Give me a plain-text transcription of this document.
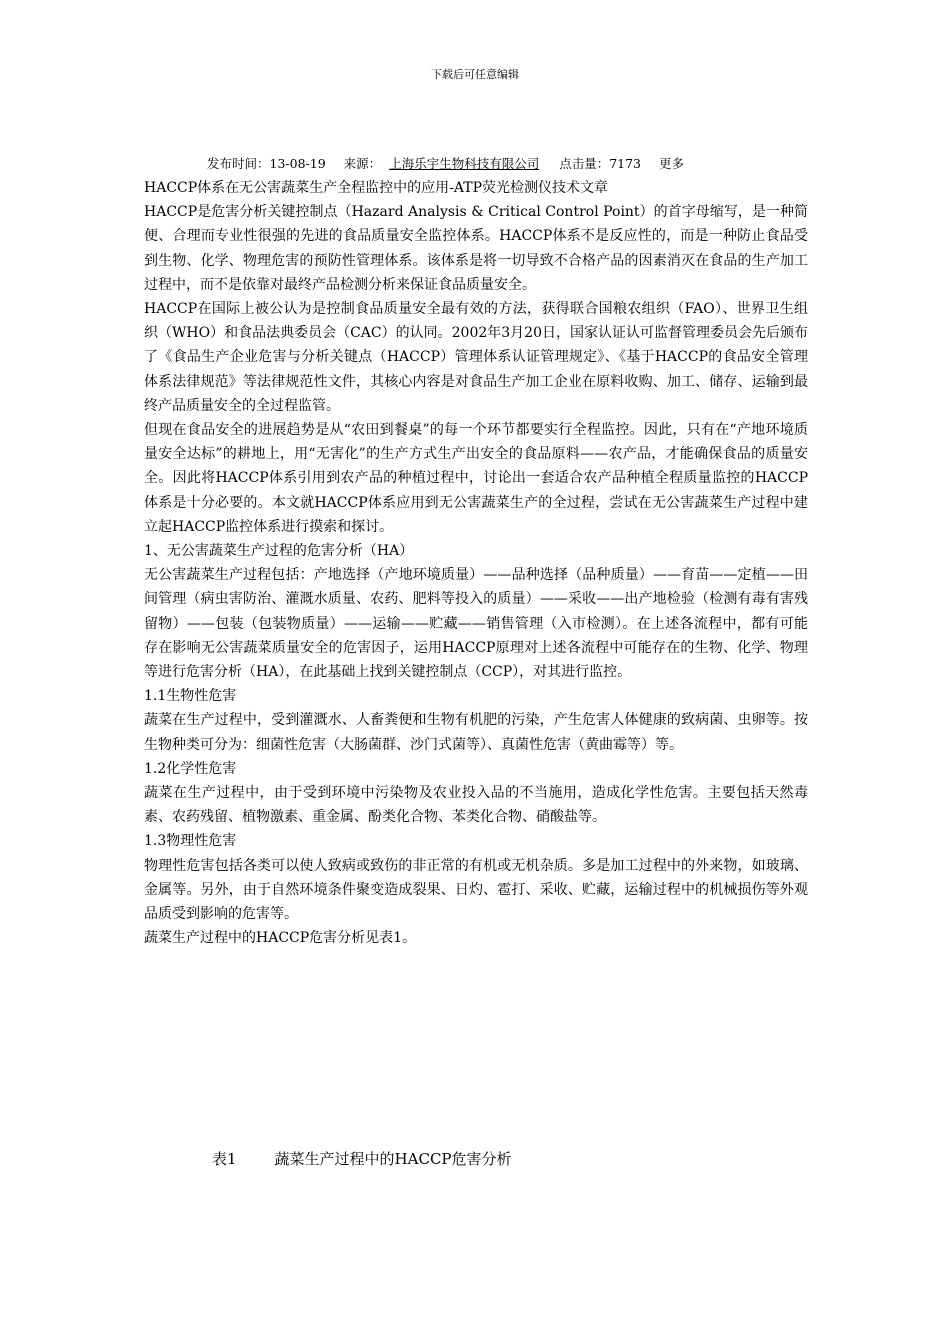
下载后可任意编辑
发布时间：13-08-19 来源： 上海乐宇生物科技有限公司 点击量：7173 更多

HACCP体系在无公害蔬菜生产全程监控中的应用-ATP荧光检测仪技术文章

HACCP是危害分析关键控制点（Hazard Analysis & Critical Control Point）的首字母缩写，是一种简便、合理而专业性很强的先进的食品质量安全监控体系。HACCP体系不是反应性的，而是一种防止食品受到生物、化学、物理危害的预防性管理体系。该体系是将一切导致不合格产品的因素消灭在食品的生产加工过程中，而不是依靠对最终产品检测分析来保证食品质量安全。

HACCP在国际上被公认为是控制食品质量安全最有效的方法，获得联合国粮农组织（FAO）、世界卫生组织（WHO）和食品法典委员会（CAC）的认同。2002年3月20日，国家认证认可监督管理委员会先后颁布了《食品生产企业危害与分析关键点（HACCP）管理体系认证管理规定》、《基于HACCP的食品安全管理体系法律规范》等法律规范性文件，其核心内容是对食品生产加工企业在原料收购、加工、储存、运输到最终产品质量安全的全过程监管。

但现在食品安全的进展趋势是从“农田到餐桌”的每一个环节都要实行全程监控。因此，只有在“产地环境质量安全达标”的耕地上，用“无害化”的生产方式生产出安全的食品原料——农产品，才能确保食品的质量安全。因此将HACCP体系引用到农产品的种植过程中，讨论出一套适合农产品种植全程质量监控的HACCP体系是十分必要的。本文就HACCP体系应用到无公害蔬菜生产的全过程，尝试在无公害蔬菜生产过程中建立起HACCP监控体系进行摸索和探讨。

1、无公害蔬菜生产过程的危害分析（HA）

无公害蔬菜生产过程包括：产地选择（产地环境质量）——品种选择（品种质量）——育苗——定植——田间管理（病虫害防治、灌溉水质量、农药、肥料等投入的质量）——采收——出产地检验（检测有毒有害残留物）——包装（包装物质量）——运输——贮藏——销售管理（入市检测）。在上述各流程中，都有可能存在影响无公害蔬菜质量安全的危害因子，运用HACCP原理对上述各流程中可能存在的生物、化学、物理等进行危害分析（HA），在此基础上找到关键控制点（CCP），对其进行监控。

1.1生物性危害

蔬菜在生产过程中，受到灌溉水、人畜粪便和生物有机肥的污染，产生危害人体健康的致病菌、虫卵等。按生物种类可分为：细菌性危害（大肠菌群、沙门式菌等）、真菌性危害（黄曲霉等）等。

1.2化学性危害

蔬菜在生产过程中，由于受到环境中污染物及农业投入品的不当施用，造成化学性危害。主要包括天然毒素、农药残留、植物激素、重金属、酚类化合物、苯类化合物、硝酸盐等。

1.3物理性危害

物理性危害包括各类可以使人致病或致伤的非正常的有机或无机杂质。多是加工过程中的外来物，如玻璃、金属等。另外，由于自然环境条件聚变造成裂果、日灼、雹打、采收、贮藏，运输过程中的机械损伤等外观品质受到影响的危害等。

蔬菜生产过程中的HACCP危害分析见表1。

表1	蔬菜生产过程中的HACCP危害分析
